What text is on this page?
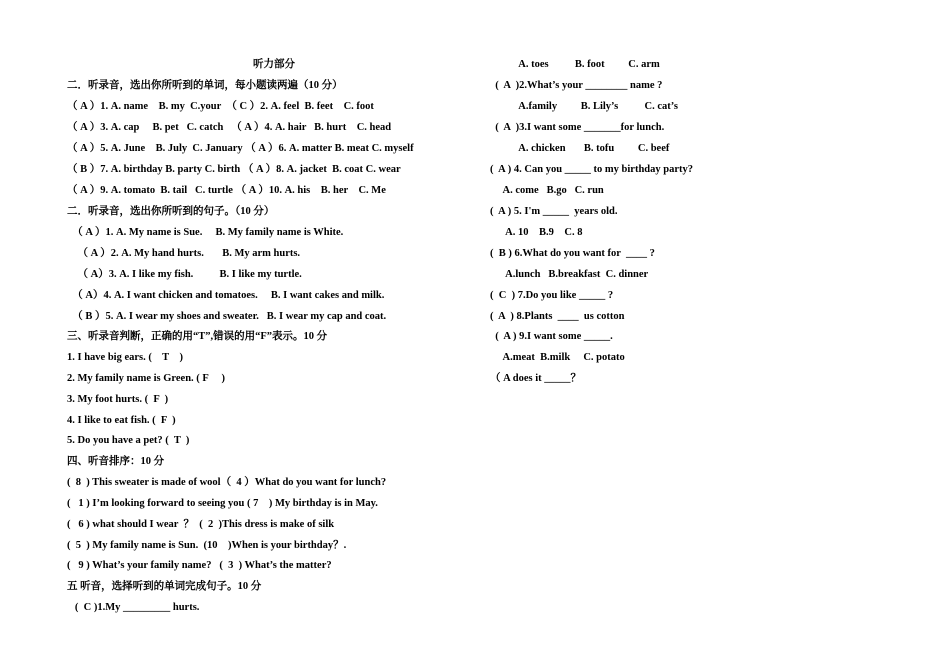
听力部分
二．听录音，选出你所听到的单词，每小题读两遍（10 分）
（ A ）1. A. name    B. my  C.your  （ C ）2. A. feel  B. feet    C. foot
（ A ）3. A. cap     B. pet   C. catch   （ A ）4. A. hair   B. hurt    C. head
（ A ）5. A. June    B. July  C. January （ A ）6. A. matter B. meat C. myself
（ B ）7. A. birthday B. party C. birth （ A ）8. A. jacket  B. coat C. wear
（ A ）9. A. tomato  B. tail   C. turtle （ A ）10. A. his    B. her    C. Me
二．听录音，选出你所听到的句子。（10 分）
（ A ）1. A. My name is Sue.     B. My family name is White.
（ A ）2. A. My hand hurts.       B. My arm hurts.
（ A）3. A. I like my fish.          B. I like my turtle.
（ A）4. A. I want chicken and tomatoes.     B. I want cakes and milk.
（ B ）5. A. I wear my shoes and sweater.   B. I wear my cap and coat.
三、听录音判断，正确的用“T”,错误的用“F”表示。10 分
1. I have big ears. (    T    )
2. My family name is Green. ( F     )
3. My foot hurts. (  F  )
4. I like to eat fish. (  F  )
5. Do you have a pet? (  T  )
四、听音排序：10 分
(  8  ) This sweater is made of wool（  4 ）What do you want for lunch?
(   1 ) I’m looking forward to seeing you ( 7    ) My birthday is in May.
(   6 ) what should I wear  ？  (  2  )This dress is make of silk
(  5  ) My family name is Sun.  (10    )When is your birthday？.
(   9 ) What’s your family name?   (  3  ) What’s the matter?
五 听音，选择听到的单词完成句子。10 分
(  C )1.My _________ hurts.
A. toes          B. foot         C. arm
(  A  )2.What’s your ________ name ?
A.family         B. Lily’s          C. cat’s
(  A  )3.I want some _______for lunch.
A. chicken       B. tofu         C. beef
(  A ) 4. Can you _____ to my birthday party?
A. come   B.go   C. run
(  A ) 5. I'm _____  years old.
A. 10    B.9    C. 8
(  B ) 6.What do you want for  ____ ?
A.lunch   B.breakfast  C. dinner
(  C  ) 7.Do you like _____ ?
(  A  ) 8.Plants  ____  us cotton
(  A ) 9.I want some _____.
A.meat  B.milk     C. potato
（ A does it _____？
